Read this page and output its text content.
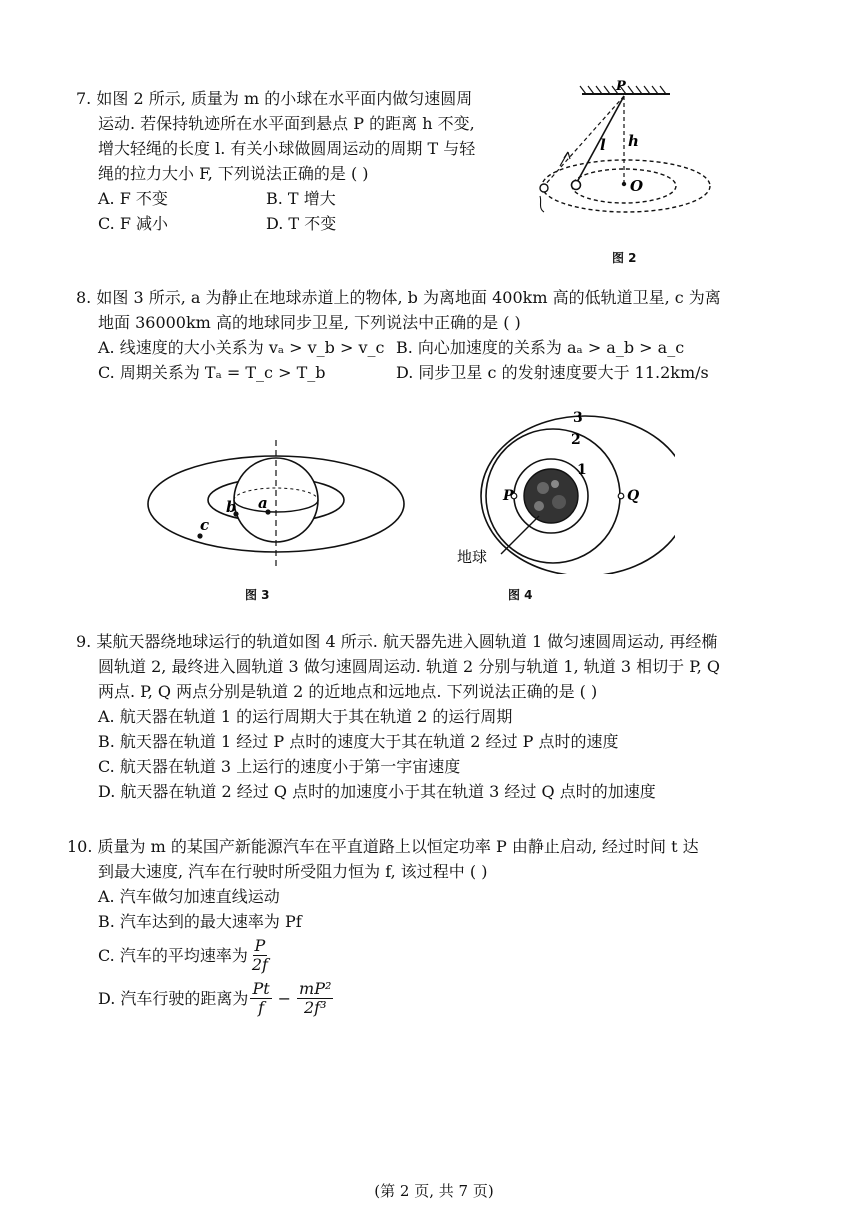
7. 如图 2 所示, 质量为 m 的小球在水平面内做匀速圆周
运动. 若保持轨迹所在水平面到悬点 P 的距离 h 不变,
增大轻绳的长度 l. 有关小球做圆周运动的周期 T 与轻
绳的拉力大小 F, 下列说法正确的是 ( )
A. F 不变	B. T 增大
C. F 减小	D. T 不变
P
l h
O
图 2
8. 如图 3 所示, a 为静止在地球赤道上的物体, b 为离地面 400km 高的低轨道卫星, c 为离
地面 36000km 高的地球同步卫星, 下列说法中正确的是 ( )
A. 线速度的大小关系为 vₐ > v_b > v_c B. 向心加速度的关系为 aₐ > a_b > a_c
C. 周期关系为 Tₐ = T_c > T_b	D. 同步卫星 c 的发射速度要大于 11.2km/s
a
b
c
图 3
1
2
3
P	Q
地球
图 4
9. 某航天器绕地球运行的轨道如图 4 所示. 航天器先进入圆轨道 1 做匀速圆周运动, 再经椭
圆轨道 2, 最终进入圆轨道 3 做匀速圆周运动. 轨道 2 分别与轨道 1, 轨道 3 相切于 P, Q
两点. P, Q 两点分别是轨道 2 的近地点和远地点. 下列说法正确的是 ( )
A. 航天器在轨道 1 的运行周期大于其在轨道 2 的运行周期
B. 航天器在轨道 1 经过 P 点时的速度大于其在轨道 2 经过 P 点时的速度
C. 航天器在轨道 3 上运行的速度小于第一宇宙速度
D. 航天器在轨道 2 经过 Q 点时的加速度小于其在轨道 3 经过 Q 点时的加速度
10. 质量为 m 的某国产新能源汽车在平直道路上以恒定功率 P 由静止启动, 经过时间 t 达
到最大速度, 汽车在行驶时所受阻力恒为 f, 该过程中 ( )
A. 汽车做匀加速直线运动
B. 汽车达到的最大速率为 Pf
C. 汽车的平均速率为 $\frac{P}{2f}$
D. 汽车行驶的距离为 $\frac{Pt}{f} - \frac{\text{mP²}}{\text{2f³}}$
(第 2 页, 共 7 页)
